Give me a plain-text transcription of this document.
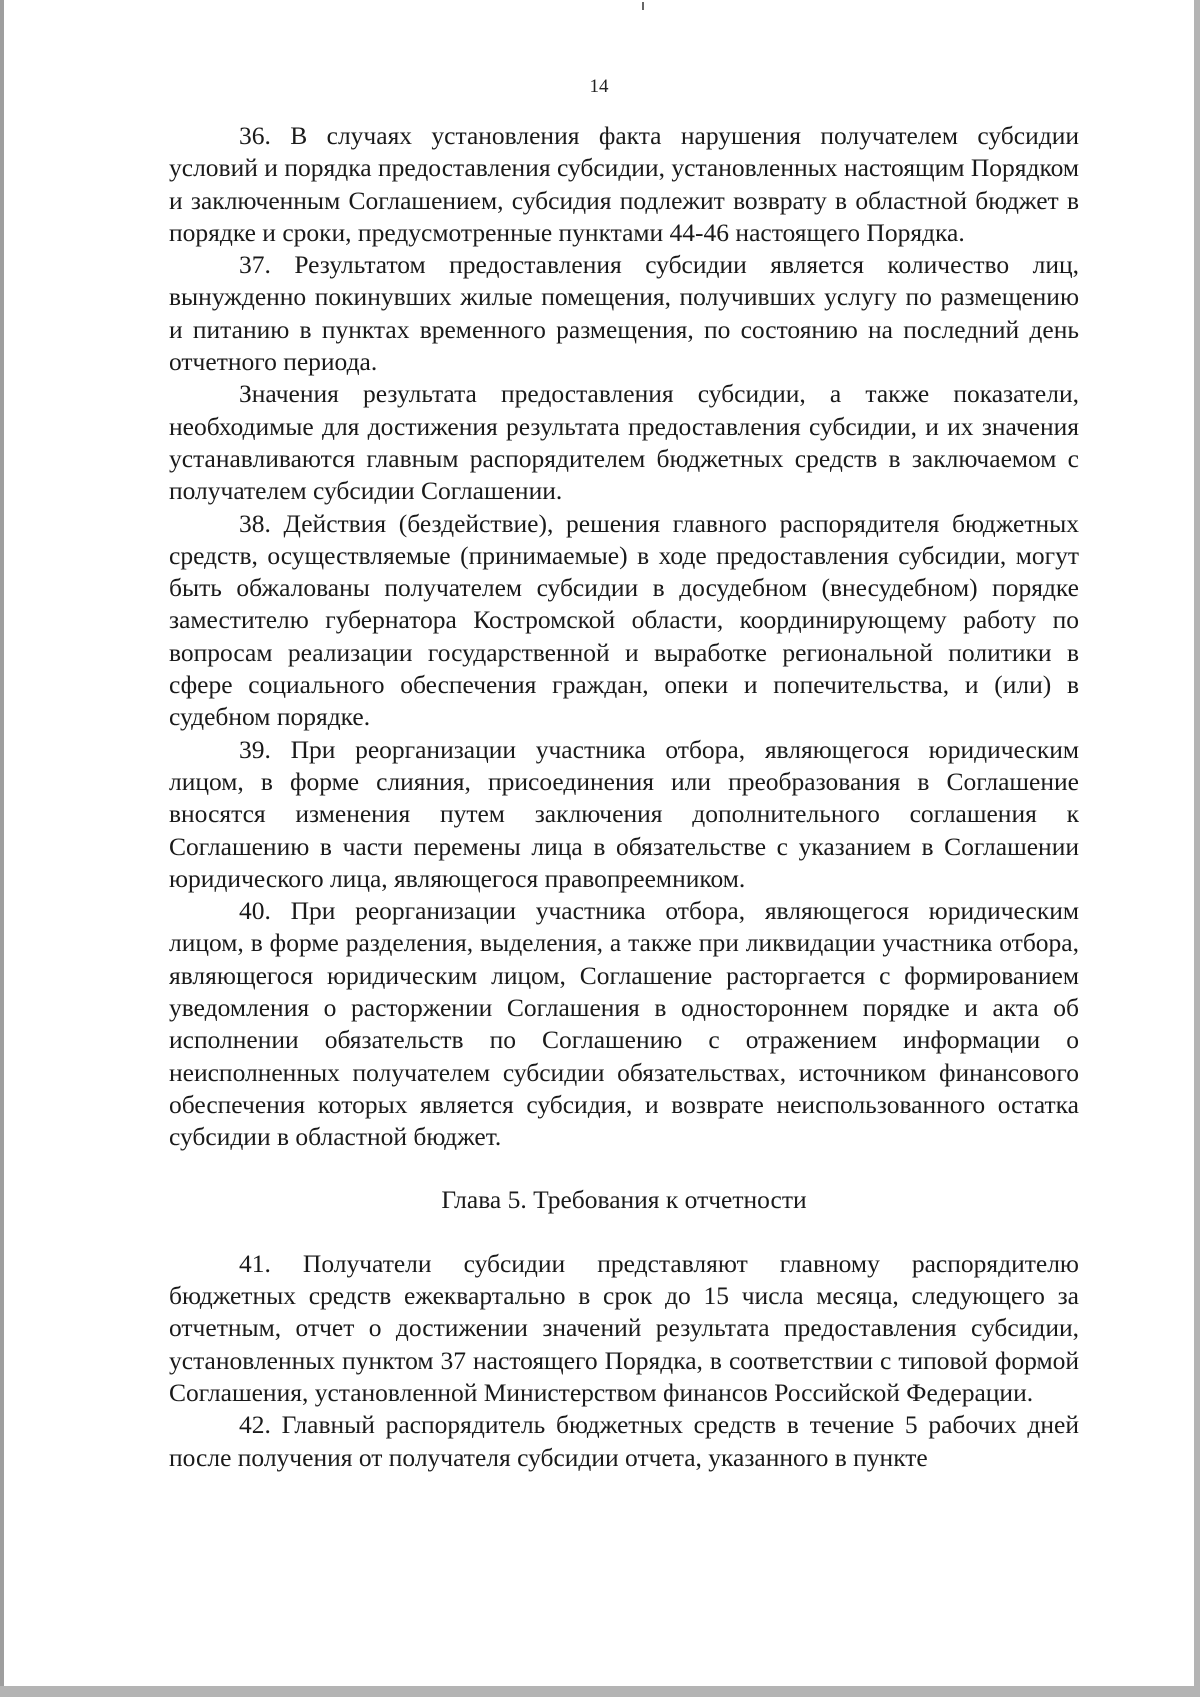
14

36. В случаях установления факта нарушения получателем субсидии условий и порядка предоставления субсидии, установленных настоящим Порядком и заключенным Соглашением, субсидия подлежит возврату в областной бюджет в порядке и сроки, предусмотренные пунктами 44-46 настоящего Порядка.

37. Результатом предоставления субсидии является количество лиц, вынужденно покинувших жилые помещения, получивших услугу по размещению и питанию в пунктах временного размещения, по состоянию на последний день отчетного периода.

Значения результата предоставления субсидии, а также показатели, необходимые для достижения результата предоставления субсидии, и их значения устанавливаются главным распорядителем бюджетных средств в заключаемом с получателем субсидии Соглашении.

38. Действия (бездействие), решения главного распорядителя бюджетных средств, осуществляемые (принимаемые) в ходе предоставления субсидии, могут быть обжалованы получателем субсидии в досудебном (внесудебном) порядке заместителю губернатора Костромской области, координирующему работу по вопросам реализации государственной и выработке региональной политики в сфере социального обеспечения граждан, опеки и попечительства, и (или) в судебном порядке.

39. При реорганизации участника отбора, являющегося юридическим лицом, в форме слияния, присоединения или преобразования в Соглашение вносятся изменения путем заключения дополнительного соглашения к Соглашению в части перемены лица в обязательстве с указанием в Соглашении юридического лица, являющегося правопреемником.

40. При реорганизации участника отбора, являющегося юридическим лицом, в форме разделения, выделения, а также при ликвидации участника отбора, являющегося юридическим лицом, Соглашение расторгается с формированием уведомления о расторжении Соглашения в одностороннем порядке и акта об исполнении обязательств по Соглашению с отражением информации о неисполненных получателем субсидии обязательствах, источником финансового обеспечения которых является субсидия, и возврате неиспользованного остатка субсидии в областной бюджет.

Глава 5. Требования к отчетности

41. Получатели субсидии представляют главному распорядителю бюджетных средств ежеквартально в срок до 15 числа месяца, следующего за отчетным, отчет о достижении значений результата предоставления субсидии, установленных пунктом 37 настоящего Порядка, в соответствии с типовой формой Соглашения, установленной Министерством финансов Российской Федерации.

42. Главный распорядитель бюджетных средств в течение 5 рабочих дней после получения от получателя субсидии отчета, указанного в пункте
